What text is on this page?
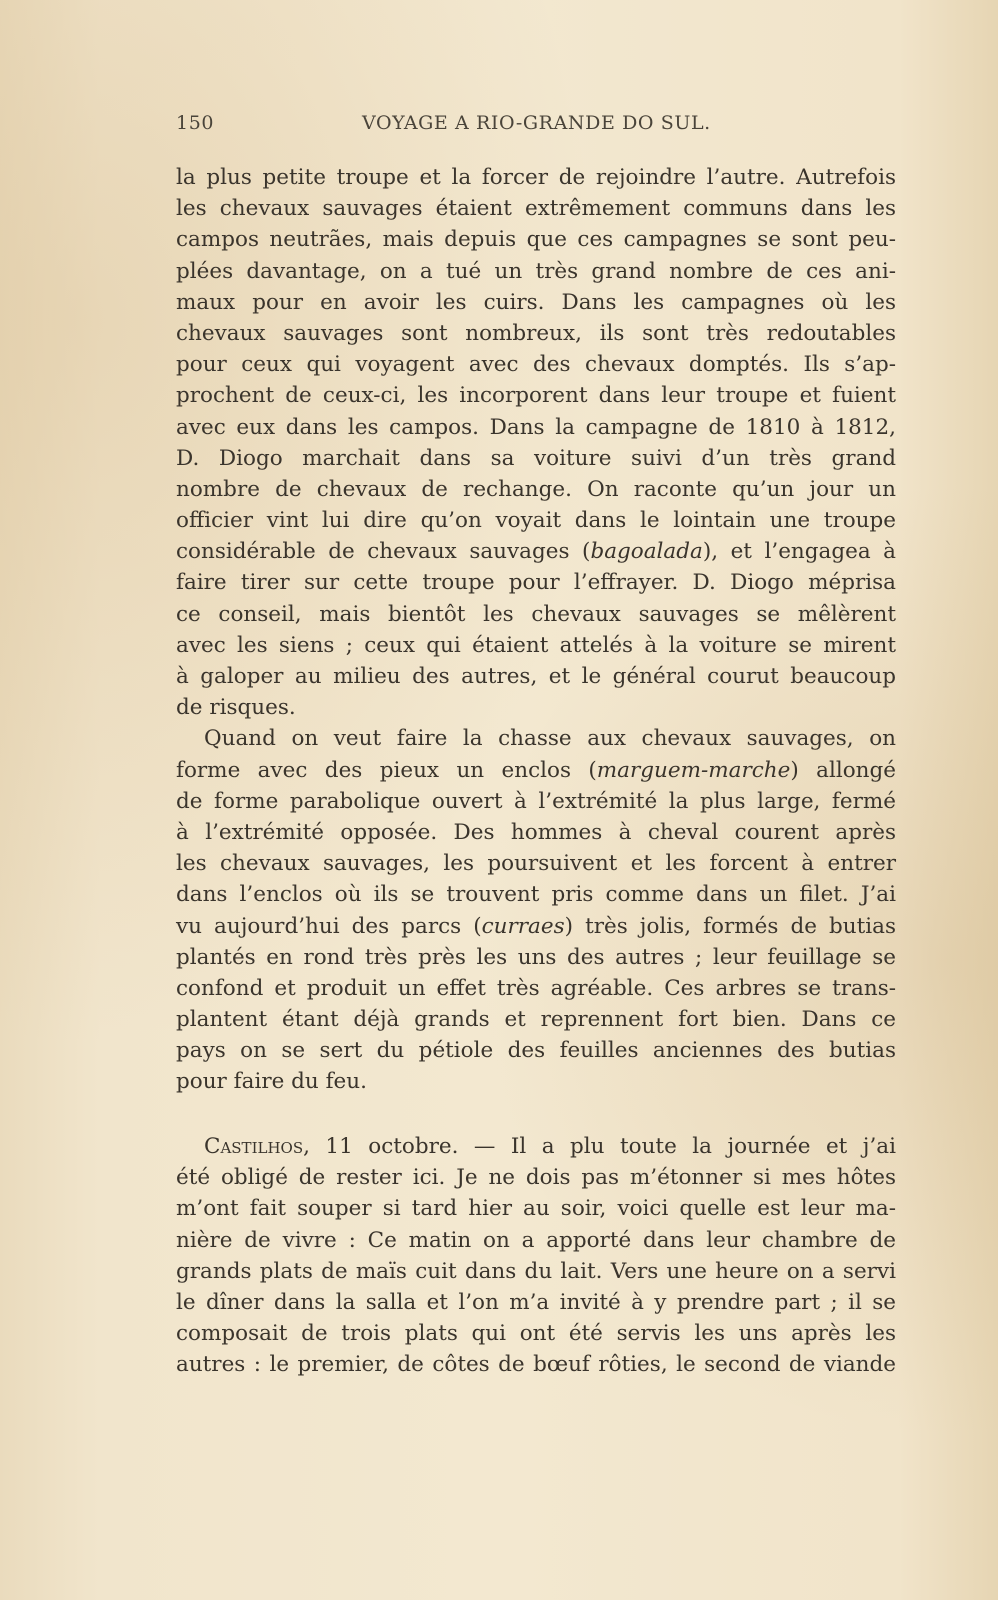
150	VOYAGE A RIO-GRANDE DO SUL.
la plus petite troupe et la forcer de rejoindre l’autre. Autrefois
les chevaux sauvages étaient extrêmement communs dans les
campos neutrães, mais depuis que ces campagnes se sont peu-
plées davantage, on a tué un très grand nombre de ces ani-
maux pour en avoir les cuirs. Dans les campagnes où les
chevaux sauvages sont nombreux, ils sont très redoutables
pour ceux qui voyagent avec des chevaux domptés. Ils s’ap-
prochent de ceux-ci, les incorporent dans leur troupe et fuient
avec eux dans les campos. Dans la campagne de 1810 à 1812,
D. Diogo marchait dans sa voiture suivi d’un très grand
nombre de chevaux de rechange. On raconte qu’un jour un
officier vint lui dire qu’on voyait dans le lointain une troupe
considérable de chevaux sauvages (bagoalada), et l’engagea à
faire tirer sur cette troupe pour l’effrayer. D. Diogo méprisa
ce conseil, mais bientôt les chevaux sauvages se mêlèrent
avec les siens ; ceux qui étaient attelés à la voiture se mirent
à galoper au milieu des autres, et le général courut beaucoup
de risques.
Quand on veut faire la chasse aux chevaux sauvages, on
forme avec des pieux un enclos (marguem-marche) allongé
de forme parabolique ouvert à l’extrémité la plus large, fermé
à l’extrémité opposée. Des hommes à cheval courent après
les chevaux sauvages, les poursuivent et les forcent à entrer
dans l’enclos où ils se trouvent pris comme dans un filet. J’ai
vu aujourd’hui des parcs (curraes) très jolis, formés de butias
plantés en rond très près les uns des autres ; leur feuillage se
confond et produit un effet très agréable. Ces arbres se trans-
plantent étant déjà grands et reprennent fort bien. Dans ce
pays on se sert du pétiole des feuilles anciennes des butias
pour faire du feu.
Castilhos, 11 octobre. — Il a plu toute la journée et j’ai
été obligé de rester ici. Je ne dois pas m’étonner si mes hôtes
m’ont fait souper si tard hier au soir, voici quelle est leur ma-
nière de vivre : Ce matin on a apporté dans leur chambre de
grands plats de maïs cuit dans du lait. Vers une heure on a servi
le dîner dans la salla et l’on m’a invité à y prendre part ; il se
composait de trois plats qui ont été servis les uns après les
autres : le premier, de côtes de bœuf rôties, le second de viande
